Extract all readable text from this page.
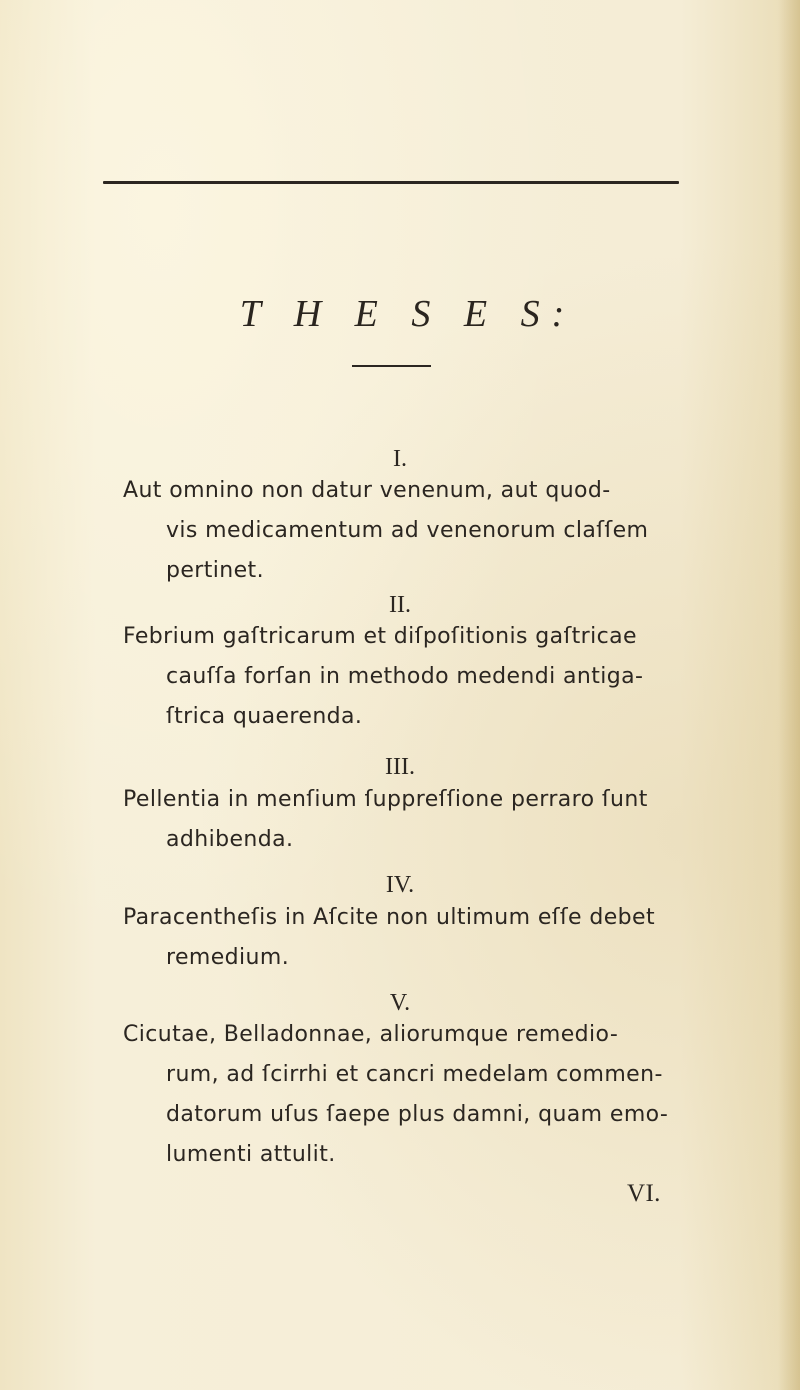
T H E S E S:
I.
Aut omnino non datur venenum, aut quod-
vis medicamentum ad venenorum claſſem
pertinet.
II.
Febrium gaſtricarum et diſpoſitionis gaſtricae
cauſſa forſan in methodo medendi antiga-
ſtrica quaerenda.
III.
Pellentia in menſium ſuppreſſione perraro ſunt
adhibenda.
IV.
Paracentheſis in Aſcite non ultimum eſſe debet
remedium.
V.
Cicutae, Belladonnae, aliorumque remedio-
rum, ad ſcirrhi et cancri medelam commen-
datorum uſus ſaepe plus damni, quam emo-
lumenti attulit.
VI.
